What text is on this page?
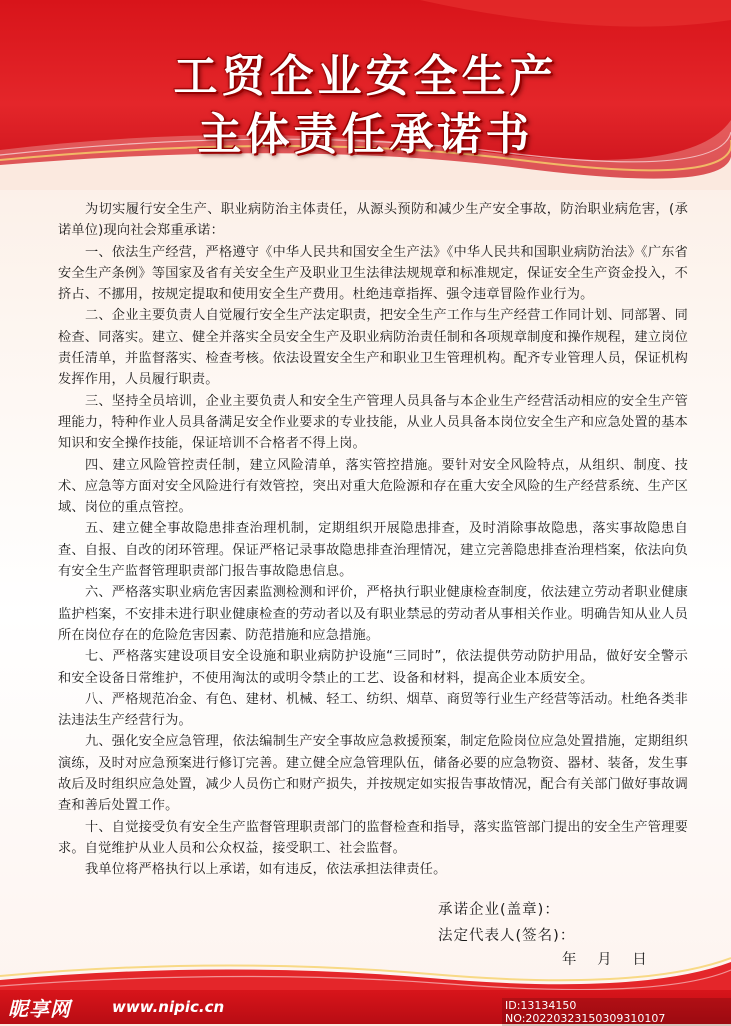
工贸企业安全生产
主体责任承诺书

为切实履行安全生产、职业病防治主体责任，从源头预防和减少生产安全事故，防治职业病危害，(承诺单位)现向社会郑重承诺：

一、依法生产经营，严格遵守《中华人民共和国安全生产法》《中华人民共和国职业病防治法》《广东省安全生产条例》等国家及省有关安全生产及职业卫生法律法规规章和标准规定，保证安全生产资金投入，不挤占、不挪用，按规定提取和使用安全生产费用。杜绝违章指挥、强令违章冒险作业行为。

二、企业主要负责人自觉履行安全生产法定职责，把安全生产工作与生产经营工作同计划、同部署、同检查、同落实。建立、健全并落实全员安全生产及职业病防治责任制和各项规章制度和操作规程，建立岗位责任清单，并监督落实、检查考核。依法设置安全生产和职业卫生管理机构。配齐专业管理人员，保证机构发挥作用，人员履行职责。

三、坚持全员培训，企业主要负责人和安全生产管理人员具备与本企业生产经营活动相应的安全生产管理能力，特种作业人员具备满足安全作业要求的专业技能，从业人员具备本岗位安全生产和应急处置的基本知识和安全操作技能，保证培训不合格者不得上岗。

四、建立风险管控责任制，建立风险清单，落实管控措施。要针对安全风险特点，从组织、制度、技术、应急等方面对安全风险进行有效管控，突出对重大危险源和存在重大安全风险的生产经营系统、生产区域、岗位的重点管控。

五、建立健全事故隐患排查治理机制，定期组织开展隐患排查，及时消除事故隐患，落实事故隐患自查、自报、自改的闭环管理。保证严格记录事故隐患排查治理情况，建立完善隐患排查治理档案，依法向负有安全生产监督管理职责部门报告事故隐患信息。

六、严格落实职业病危害因素监测检测和评价，严格执行职业健康检查制度，依法建立劳动者职业健康监护档案，不安排未进行职业健康检查的劳动者以及有职业禁忌的劳动者从事相关作业。明确告知从业人员所在岗位存在的危险危害因素、防范措施和应急措施。

七、严格落实建设项目安全设施和职业病防护设施“三同时”，依法提供劳动防护用品，做好安全警示和安全设备日常维护，不使用淘汰的或明令禁止的工艺、设备和材料，提高企业本质安全。

八、严格规范冶金、有色、建材、机械、轻工、纺织、烟草、商贸等行业生产经营等活动。杜绝各类非法违法生产经营行为。

九、强化安全应急管理，依法编制生产安全事故应急救援预案，制定危险岗位应急处置措施，定期组织演练，及时对应急预案进行修订完善。建立健全应急管理队伍，储备必要的应急物资、器材、装备，发生事故后及时组织应急处置，减少人员伤亡和财产损失，并按规定如实报告事故情况，配合有关部门做好事故调查和善后处置工作。

十、自觉接受负有安全生产监督管理职责部门的监督检查和指导，落实监管部门提出的安全生产管理要求。自觉维护从业人员和公众权益，接受职工、社会监督。

我单位将严格执行以上承诺，如有违反，依法承担法律责任。

承诺企业(盖章)：
法定代表人(签名)：
年 月 日
昵享网	www.nipic.cn	ID:13134150 NO:20220323150309310107
